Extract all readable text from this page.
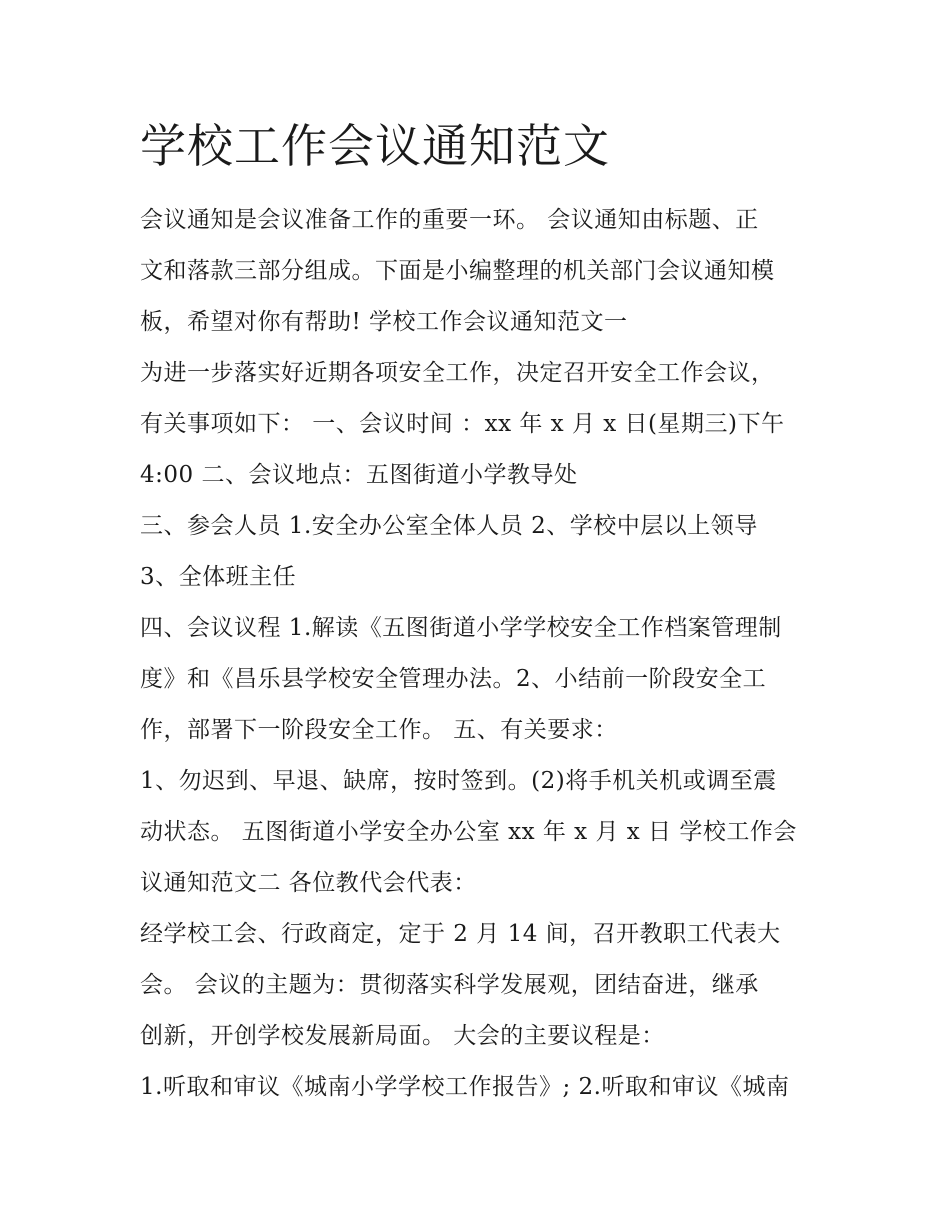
学校工作会议通知范文
会议通知是会议准备工作的重要一环。 会议通知由标题、正
文和落款三部分组成。下面是小编整理的机关部门会议通知模
板，希望对你有帮助! 学校工作会议通知范文一
为进一步落实好近期各项安全工作，决定召开安全工作会议，
有关事项如下： 一、会议时间 ：xx 年 x 月 x 日(星期三)下午
4:00 二、会议地点：五图街道小学教导处
三、参会人员 1.安全办公室全体人员 2、学校中层以上领导
3、全体班主任
四、会议议程 1.解读《五图街道小学学校安全工作档案管理制
度》和《昌乐县学校安全管理办法。2、小结前一阶段安全工
作，部署下一阶段安全工作。 五、有关要求：
1、勿迟到、早退、缺席，按时签到。(2)将手机关机或调至震
动状态。 五图街道小学安全办公室 xx 年 x 月 x 日 学校工作会
议通知范文二 各位教代会代表：
经学校工会、行政商定，定于 2 月 14 间，召开教职工代表大
会。 会议的主题为：贯彻落实科学发展观，团结奋进，继承
创新，开创学校发展新局面。 大会的主要议程是：
1.听取和审议《城南小学学校工作报告》; 2.听取和审议《城南
